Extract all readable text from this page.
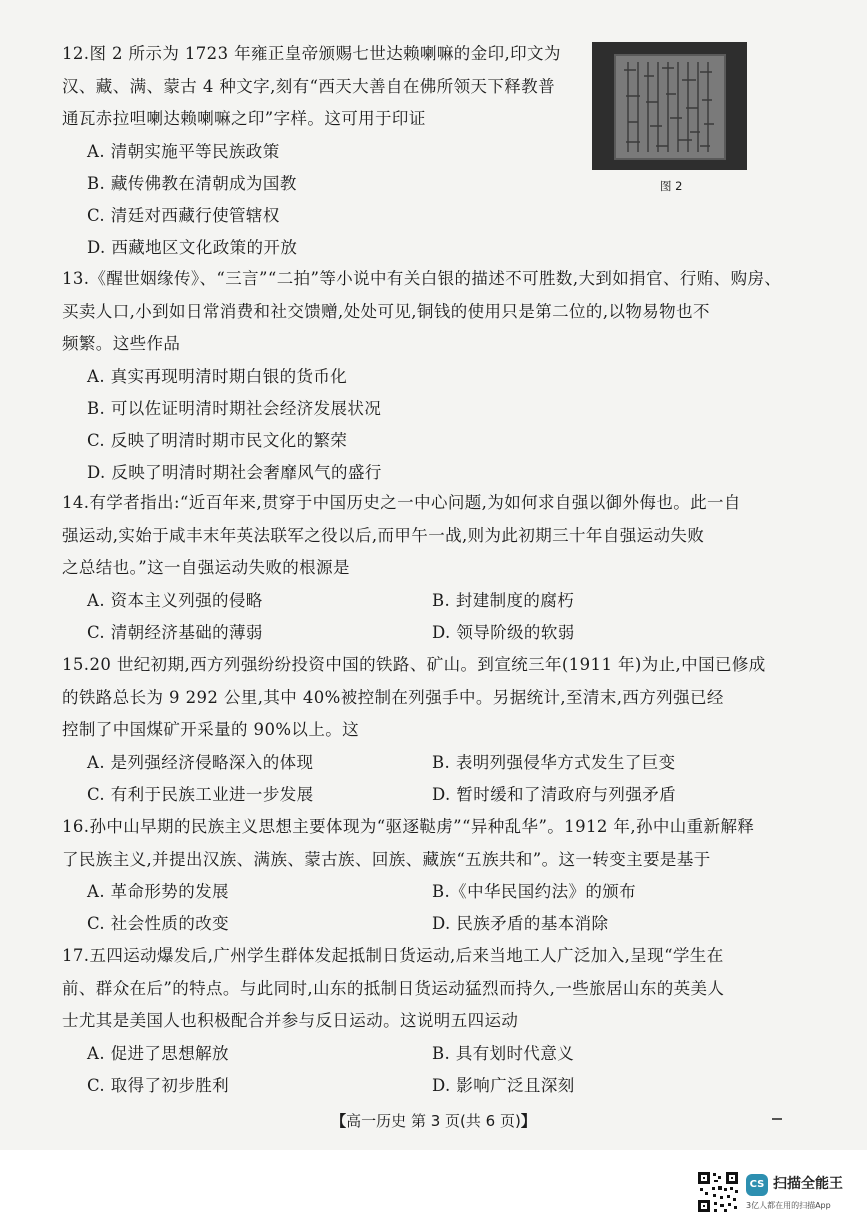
12.图 2 所示为 1723 年雍正皇帝颁赐七世达赖喇嘛的金印,印文为
汉、藏、满、蒙古 4 种文字,刻有“西天大善自在佛所领天下释教普
通瓦赤拉呾喇达赖喇嘛之印”字样。这可用于印证
A. 清朝实施平等民族政策
B. 藏传佛教在清朝成为国教
C. 清廷对西藏行使管辖权
D. 西藏地区文化政策的开放
图 2
13.《醒世姻缘传》、“三言”“二拍”等小说中有关白银的描述不可胜数,大到如捐官、行贿、购房、
买卖人口,小到如日常消费和社交馈赠,处处可见,铜钱的使用只是第二位的,以物易物也不
频繁。这些作品
A. 真实再现明清时期白银的货币化
B. 可以佐证明清时期社会经济发展状况
C. 反映了明清时期市民文化的繁荣
D. 反映了明清时期社会奢靡风气的盛行
14.有学者指出:“近百年来,贯穿于中国历史之一中心问题,为如何求自强以御外侮也。此一自
强运动,实始于咸丰末年英法联军之役以后,而甲午一战,则为此初期三十年自强运动失败
之总结也。”这一自强运动失败的根源是
A. 资本主义列强的侵略	B. 封建制度的腐朽
C. 清朝经济基础的薄弱	D. 领导阶级的软弱
15.20 世纪初期,西方列强纷纷投资中国的铁路、矿山。到宣统三年(1911 年)为止,中国已修成
的铁路总长为 9 292 公里,其中 40%被控制在列强手中。另据统计,至清末,西方列强已经
控制了中国煤矿开采量的 90%以上。这
A. 是列强经济侵略深入的体现	B. 表明列强侵华方式发生了巨变
C. 有利于民族工业进一步发展	D. 暂时缓和了清政府与列强矛盾
16.孙中山早期的民族主义思想主要体现为“驱逐鞑虏”“异种乱华”。1912 年,孙中山重新解释
了民族主义,并提出汉族、满族、蒙古族、回族、藏族“五族共和”。这一转变主要是基于
A. 革命形势的发展	B.《中华民国约法》的颁布
C. 社会性质的改变	D. 民族矛盾的基本消除
17.五四运动爆发后,广州学生群体发起抵制日货运动,后来当地工人广泛加入,呈现“学生在
前、群众在后”的特点。与此同时,山东的抵制日货运动猛烈而持久,一些旅居山东的英美人
士尤其是美国人也积极配合并参与反日运动。这说明五四运动
A. 促进了思想解放	B. 具有划时代意义
C. 取得了初步胜利	D. 影响广泛且深刻
【高一历史 第 3 页(共 6 页)】
CS 扫描全能王
3亿人都在用的扫描App
